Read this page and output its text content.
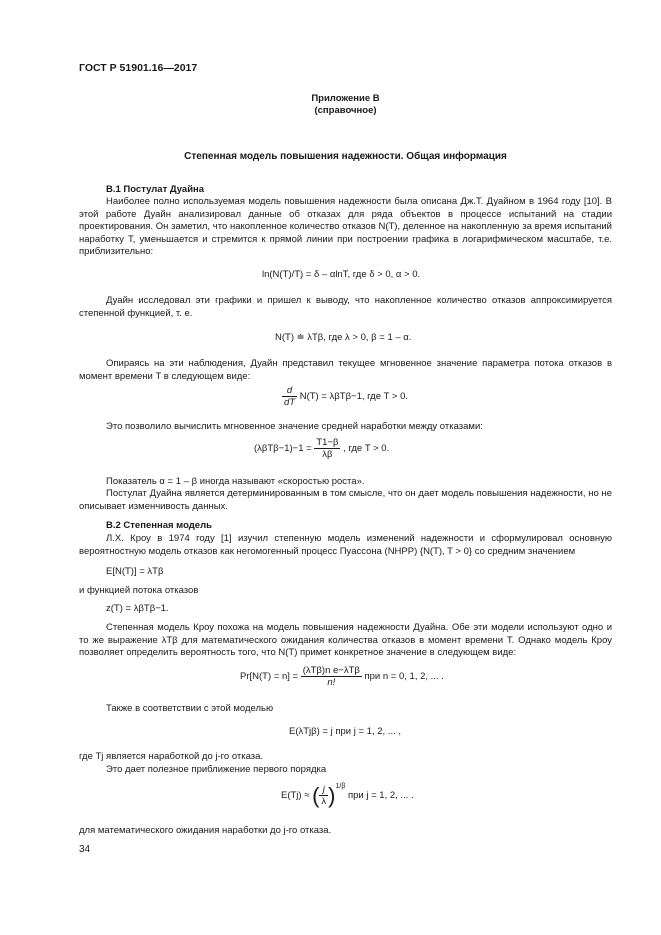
ГОСТ Р 51901.16—2017
Приложение B
(справочное)
Степенная модель повышения надежности. Общая информация
B.1 Постулат Дуайна
Наиболее полно используемая модель повышения надежности была описана Дж.Т. Дуайном в 1964 году [10]. В этой работе Дуайн анализировал данные об отказах для ряда объектов в процессе испытаний на стадии проектирования. Он заметил, что накопленное количество отказов N(T), деленное на накопленную за время испытаний наработку T, уменьшается и стремится к прямой линии при построении графика в логарифмическом масштабе, т.е. приблизительно:
ln(N(T)/T) = δ – αlnT, где δ > 0, α > 0.
Дуайн исследовал эти графики и пришел к выводу, что накопленное количество отказов аппроксимируется степенной функцией, т. е.
N(T) ≐ λTβ, где λ > 0, β = 1 – α.
Опираясь на эти наблюдения, Дуайн представил текущее мгновенное значение параметра потока отказов в момент времени T в следующем виде:
$\frac{d}{dT} N(T) = \lambda\beta T\beta-1$, где T > 0.
Это позволило вычислить мгновенное значение средней наработки между отказами:
$(\lambda\beta T\beta-1)-1 = \frac{T1-\beta}{\lambda\beta}$ , где T > 0.
Показатель α = 1 – β иногда называют «скоростью роста».
Постулат Дуайна является детерминированным в том смысле, что он дает модель повышения надежности, но не описывает изменчивость данных.
B.2 Степенная модель
Л.Х. Кроу в 1974 году [1] изучил степенную модель изменений надежности и сформулировал основную вероятностную модель отказов как негомогенный процесс Пуассона (NHPP) {N(T), T > 0} со средним значением
E[N(T)] = λTβ
и функцией потока отказов
z(T) = λβTβ−1.
Степенная модель Кроу похожа на модель повышения надежности Дуайна. Обе эти модели используют одно и то же выражение λTβ для математического ожидания количества отказов в момент времени T. Однако модель Кроу позволяет определить вероятность того, что N(T) примет конкретное значение в следующем виде:
$Pr[N(T) = n] = \frac{\text{(λTβ)n e−λTβ}}{n!}$ при n = 0, 1, 2, ... .
Также в соответствии с этой моделью
E(λTjβ) = j при j = 1, 2, ... ,
где Tj является наработкой до j-го отказа.
Это дает полезное приближение первого порядка
E(Tj) ≈ ( $\frac{j}{\lambda} )^{1/\beta}$ при j = 1, 2, ... .
для математического ожидания наработки до j-го отказа.
34
